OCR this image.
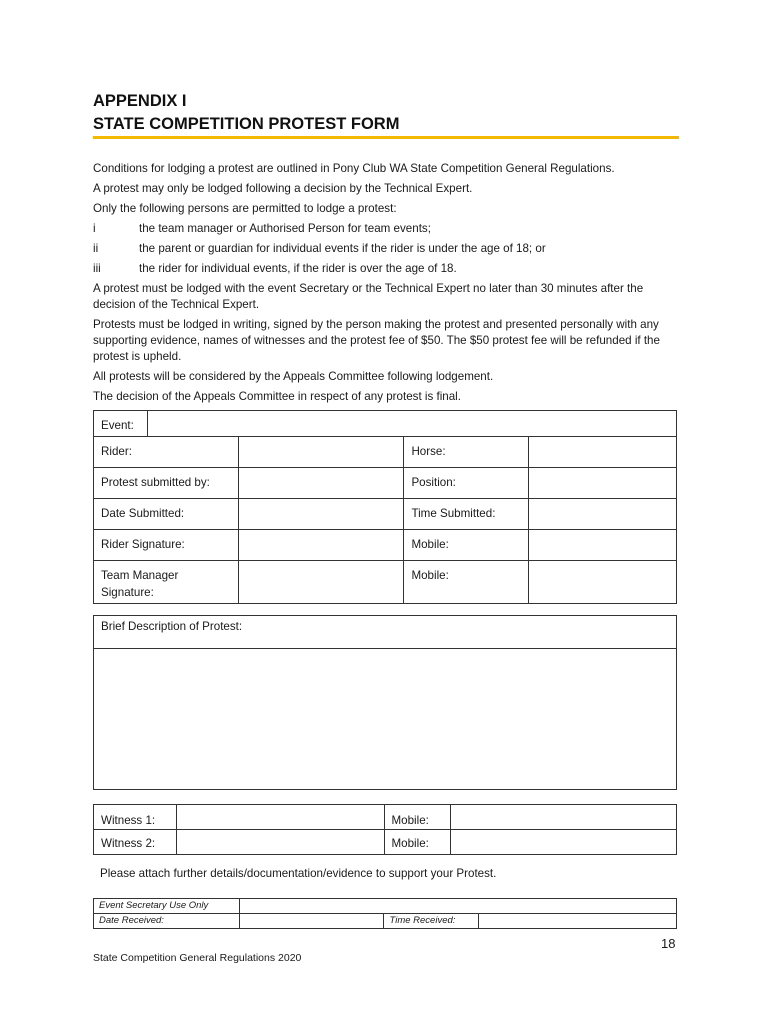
APPENDIX I
STATE COMPETITION PROTEST FORM

Conditions for lodging a protest are outlined in Pony Club WA State Competition General Regulations.

A protest may only be lodged following a decision by the Technical Expert.

Only the following persons are permitted to lodge a protest:

i	the team manager or Authorised Person for team events;
ii	the parent or guardian for individual events if the rider is under the age of 18; or
iii	the rider for individual events, if the rider is over the age of 18.

A protest must be lodged with the event Secretary or the Technical Expert no later than 30 minutes after the decision of the Technical Expert.

Protests must be lodged in writing, signed by the person making the protest and presented personally with any supporting evidence, names of witnesses and the protest fee of $50. The $50 protest fee will be refunded if the protest is upheld.

All protests will be considered by the Appeals Committee following lodgement.

The decision of the Appeals Committee in respect of any protest is final.

Event:				
Rider:			Horse:	
Protest submitted by:			Position:	
Date Submitted:			Time Submitted:	
Rider Signature:			Mobile:	
Team Manager Signature:			Mobile:	
Brief Description of Protest:

Witness 1:		Mobile:	
Witness 2:		Mobile:	
Please attach further details/documentation/evidence to support your Protest.
Event Secretary Use Only			
Date Received:		Time Received:	
18
State Competition General Regulations 2020
